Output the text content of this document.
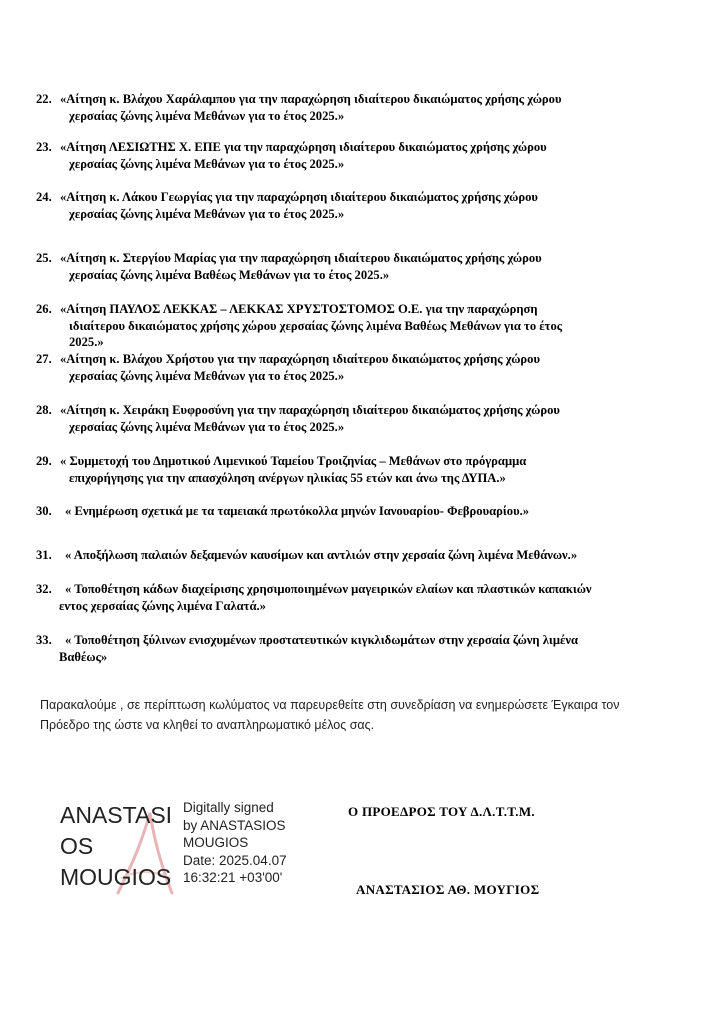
22. «Αίτηση κ. Βλάχου Χαράλαμπου για την παραχώρηση ιδιαίτερου δικαιώματος χρήσης χώρου
χερσαίας ζώνης λιμένα Μεθάνων για το έτος 2025.»
23. «Αίτηση ΛΕΣΙΩΤΗΣ Χ. ΕΠΕ για την παραχώρηση ιδιαίτερου δικαιώματος χρήσης χώρου
χερσαίας ζώνης λιμένα Μεθάνων για το έτος 2025.»
24. «Αίτηση κ. Λάκου Γεωργίας για την παραχώρηση ιδιαίτερου δικαιώματος χρήσης χώρου
χερσαίας ζώνης λιμένα Μεθάνων για το έτος 2025.»
25. «Αίτηση κ. Στεργίου Μαρίας για την παραχώρηση ιδιαίτερου δικαιώματος χρήσης χώρου
χερσαίας ζώνης λιμένα Βαθέως Μεθάνων για το έτος 2025.»
26. «Αίτηση ΠΑΥΛΟΣ ΛΕΚΚΑΣ – ΛΕΚΚΑΣ ΧΡΥΣΤΟΣΤΟΜΟΣ Ο.Ε. για την παραχώρηση
ιδιαίτερου δικαιώματος χρήσης χώρου χερσαίας ζώνης λιμένα Βαθέως Μεθάνων για το έτος
2025.»
27. «Αίτηση κ. Βλάχου Χρήστου για την παραχώρηση ιδιαίτερου δικαιώματος χρήσης χώρου
χερσαίας ζώνης λιμένα Μεθάνων για το έτος 2025.»
28. «Αίτηση κ. Χειράκη Ευφροσύνη για την παραχώρηση ιδιαίτερου δικαιώματος χρήσης χώρου
χερσαίας ζώνης λιμένα Μεθάνων για το έτος 2025.»
29. « Συμμετοχή του Δημοτικού Λιμενικού Ταμείου Τροιζηνίας – Μεθάνων στο πρόγραμμα
επιχορήγησης για την απασχόληση ανέργων ηλικίας 55 ετών και άνω της ΔΥΠΑ.»
30. « Ενημέρωση σχετικά με τα ταμειακά πρωτόκολλα μηνών Ιανουαρίου- Φεβρουαρίου.»
31. « Αποξήλωση παλαιών δεξαμενών καυσίμων και αντλιών στην χερσαία ζώνη λιμένα Μεθάνων.»
32. « Τοποθέτηση κάδων διαχείρισης χρησιμοποιημένων μαγειρικών ελαίων και πλαστικών καπακιών
εντος χερσαίας ζώνης λιμένα Γαλατά.»
33. « Τοποθέτηση ξύλινων ενισχυμένων προστατευτικών κιγκλιδωμάτων στην χερσαία ζώνη λιμένα
Βαθέως»
Παρακαλούμε , σε περίπτωση κωλύματος να παρευρεθείτε στη συνεδρίαση να ενημερώσετε Έγκαιρα τον
Πρόεδρο της ώστε να κληθεί το αναπληρωματικό μέλος σας.
ANASTASI
OS
MOUGIOS
Digitally signed
by ANASTASIOS
MOUGIOS
Date: 2025.04.07
16:32:21 +03'00'
Ο ΠΡΟΕΔΡΟΣ ΤΟΥ Δ.Λ.Τ.Τ.Μ.
ΑΝΑΣΤΑΣΙΟΣ ΑΘ. ΜΟΥΓΙΟΣ
